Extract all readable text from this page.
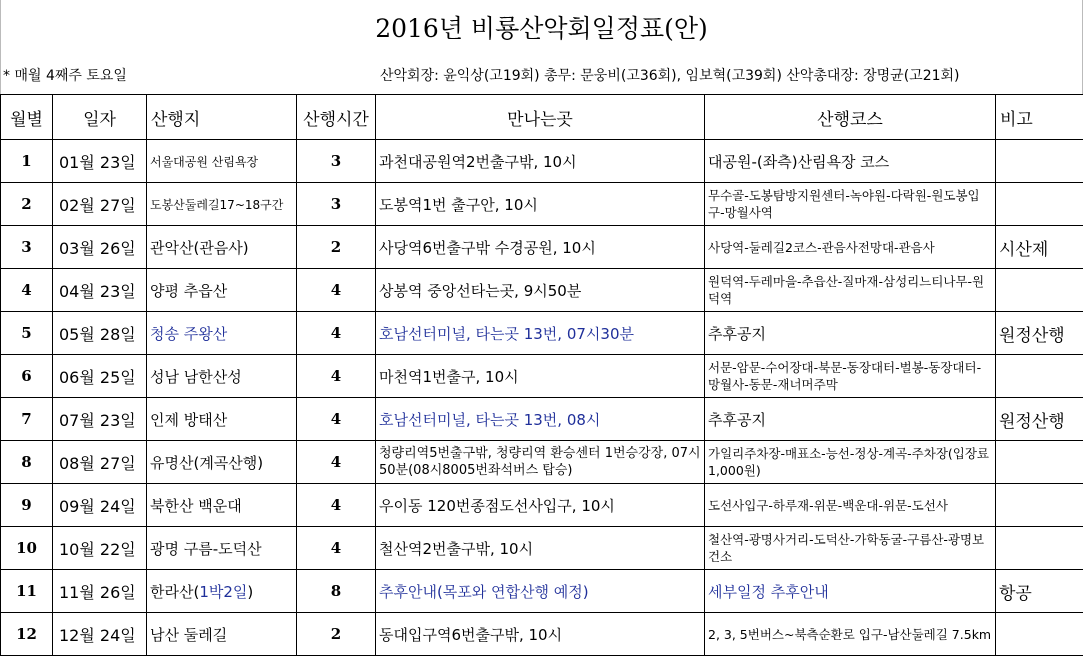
2016년 비룡산악회일정표(안)
* 매월 4째주 토요일	산악회장: 윤익상(고19회) 총무: 문웅비(고36회), 임보혁(고39회) 산악총대장: 장명균(고21회)
월별	일자	산행지	산행시간	만나는곳	산행코스	비고
1	01월 23일	서울대공원 산림욕장	3	과천대공원역2번출구밖, 10시	대공원-(좌측)산림욕장 코스	
2	02월 27일	도봉산둘레길17~18구간	3	도봉역1번 출구안, 10시	무수골-도봉탐방지원센터-녹야원-다락원-원도봉입구-망월사역	
3	03월 26일	관악산(관음사)	2	사당역6번출구밖 수경공원, 10시	사당역-둘레길2코스-관음사전망대-관음사	시산제
4	04월 23일	양평 추읍산	4	상봉역 중앙선타는곳, 9시50분	원덕역-두레마을-추읍산-질마재-삼성리느티나무-원덕역	
5	05월 28일	청송 주왕산	4	호남선터미널, 타는곳 13번, 07시30분	추후공지	원정산행
6	06월 25일	성남 남한산성	4	마천역1번출구, 10시	서문-암문-수어장대-북문-동장대터-벌봉-동장대터-망월사-동문-재너머주막	
7	07월 23일	인제 방태산	4	호남선터미널, 타는곳 13번, 08시	추후공지	원정산행
8	08월 27일	유명산(계곡산행)	4	청량리역5번출구밖, 청량리역 환승센터 1번승강장, 07시50분(08시8005번좌석버스 탑승)	가일리주차장-매표소-능선-정상-계곡-주차장(입장료 1,000원)	
9	09월 24일	북한산 백운대	4	우이동 120번종점도선사입구, 10시	도선사입구-하루재-위문-백운대-위문-도선사	
10	10월 22일	광명 구름-도덕산	4	철산역2번출구밖, 10시	철산역-광명사거리-도덕산-가학동굴-구름산-광명보건소	
11	11월 26일	한라산(1박2일)	8	추후안내(목포와 연합산행 예정)	세부일정 추후안내	항공
12	12월 24일	남산 둘레길	2	동대입구역6번출구밖, 10시	2, 3, 5번버스~북측순환로 입구-남산둘레길 7.5km	
